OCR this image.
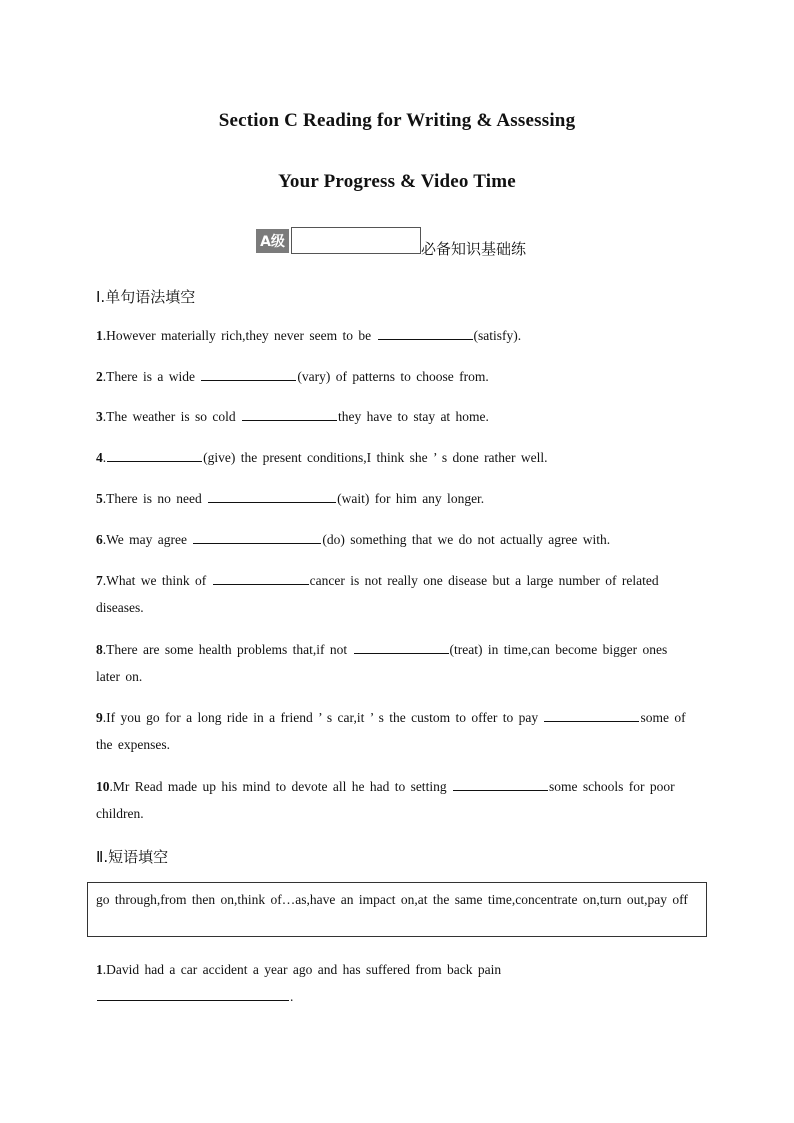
Section C Reading for Writing & Assessing
Your Progress & Video Time
A级	必备知识基础练
Ⅰ.单句语法填空
1.However materially rich,they never seem to be	(satisfy).
2.There is a wide	(vary) of patterns to choose from.
3.The weather is so cold	they have to stay at home.
4.	(give) the present conditions,I think she ’ s done rather well.
5.There is no need	(wait) for him any longer.
6.We may agree	(do) something that we do not actually agree with.
7.What we think of	cancer is not really one disease but a large number of related diseases.
8.There are some health problems that,if not	(treat) in time,can become bigger ones later on.
9.If you go for a long ride in a friend ’ s car,it ’ s the custom to offer to pay	some of the expenses.
10.Mr Read made up his mind to devote all he had to setting	some schools for poor children.
Ⅱ.短语填空
go through,from then on,think of…as,have an impact on,at the same time,concentrate on,turn out,pay off
1.David had a car accident a year ago and has suffered from back pain .
